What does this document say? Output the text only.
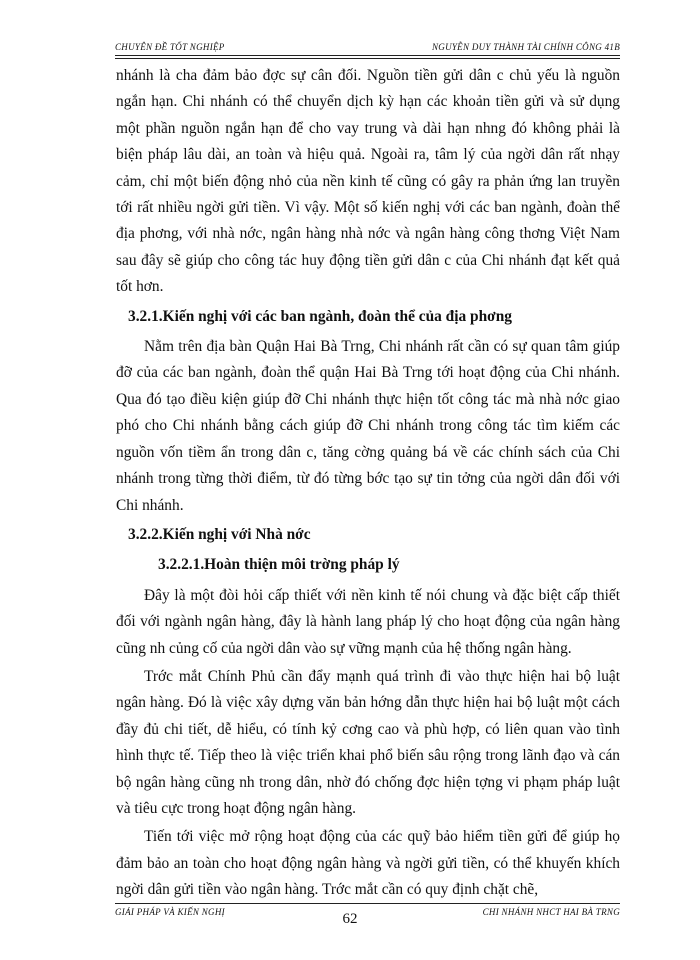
CHUYÊN ĐỀ TỐT NGHIỆP	NGUYỄN DUY THÀNH TÀI CHÍNH CÔNG 41B

nhánh là cha đảm bảo đợc sự cân đối. Nguồn tiền gửi dân c chủ yếu là nguồn ngắn hạn. Chi nhánh có thể chuyển dịch kỳ hạn các khoản tiền gửi và sử dụng một phần nguồn ngắn hạn để cho vay trung và dài hạn nhng đó không phải là biện pháp lâu dài, an toàn và hiệu quả. Ngoài ra, tâm lý của ngời dân rất nhạy cảm, chỉ một biến động nhỏ của nền kinh tế cũng có gây ra phản ứng lan truyền tới rất nhiều ngời gửi tiền. Vì vậy. Một số kiến nghị với các ban ngành, đoàn thể địa phơng, với nhà nớc, ngân hàng nhà nớc và ngân hàng công thơng Việt Nam sau đây sẽ giúp cho công tác huy động tiền gửi dân c của Chi nhánh đạt kết quả tốt hơn.

3.2.1.Kiến nghị với các ban ngành, đoàn thể của địa phơng

Nằm trên địa bàn Quận Hai Bà Trng, Chi nhánh rất cần có sự quan tâm giúp đỡ của các ban ngành, đoàn thể quận Hai Bà Trng tới hoạt động của Chi nhánh. Qua đó tạo điều kiện giúp đỡ Chi nhánh thực hiện tốt công tác mà nhà nớc giao phó cho Chi nhánh bằng cách giúp đỡ Chi nhánh trong công tác tìm kiếm các nguồn vốn tiềm ẩn trong dân c, tăng cờng quảng bá về các chính sách của Chi nhánh trong từng thời điểm, từ đó từng bớc tạo sự tin tởng của ngời dân đối với Chi nhánh.

3.2.2.Kiến nghị với Nhà nớc
3.2.2.1.Hoàn thiện môi trờng pháp lý

Đây là một đòi hỏi cấp thiết với nền kinh tế nói chung và đặc biệt cấp thiết đối với ngành ngân hàng, đây là hành lang pháp lý cho hoạt động của ngân hàng cũng nh củng cố của ngời dân vào sự vững mạnh của hệ thống ngân hàng.

Trớc mắt Chính Phủ cần đẩy mạnh quá trình đi vào thực hiện hai bộ luật ngân hàng. Đó là việc xây dựng văn bản hớng dẫn thực hiện hai bộ luật một cách đầy đủ chi tiết, dễ hiểu, có tính kỷ cơng cao và phù hợp, có liên quan vào tình hình thực tế. Tiếp theo là việc triển khai phổ biến sâu rộng trong lãnh đạo và cán bộ ngân hàng cũng nh trong dân, nhờ đó chống đợc hiện tợng vi phạm pháp luật và tiêu cực trong hoạt động ngân hàng.

Tiến tới việc mở rộng hoạt động của các quỹ bảo hiểm tiền gửi để giúp họ đảm bảo an toàn cho hoạt động ngân hàng và ngời gửi tiền, có thể khuyến khích ngời dân gửi tiền vào ngân hàng. Trớc mắt cần có quy định chặt chẽ,

GIẢI PHÁP VÀ KIẾN NGHỊ	CHI NHÁNH NHCT HAI BÀ TRNG
62
